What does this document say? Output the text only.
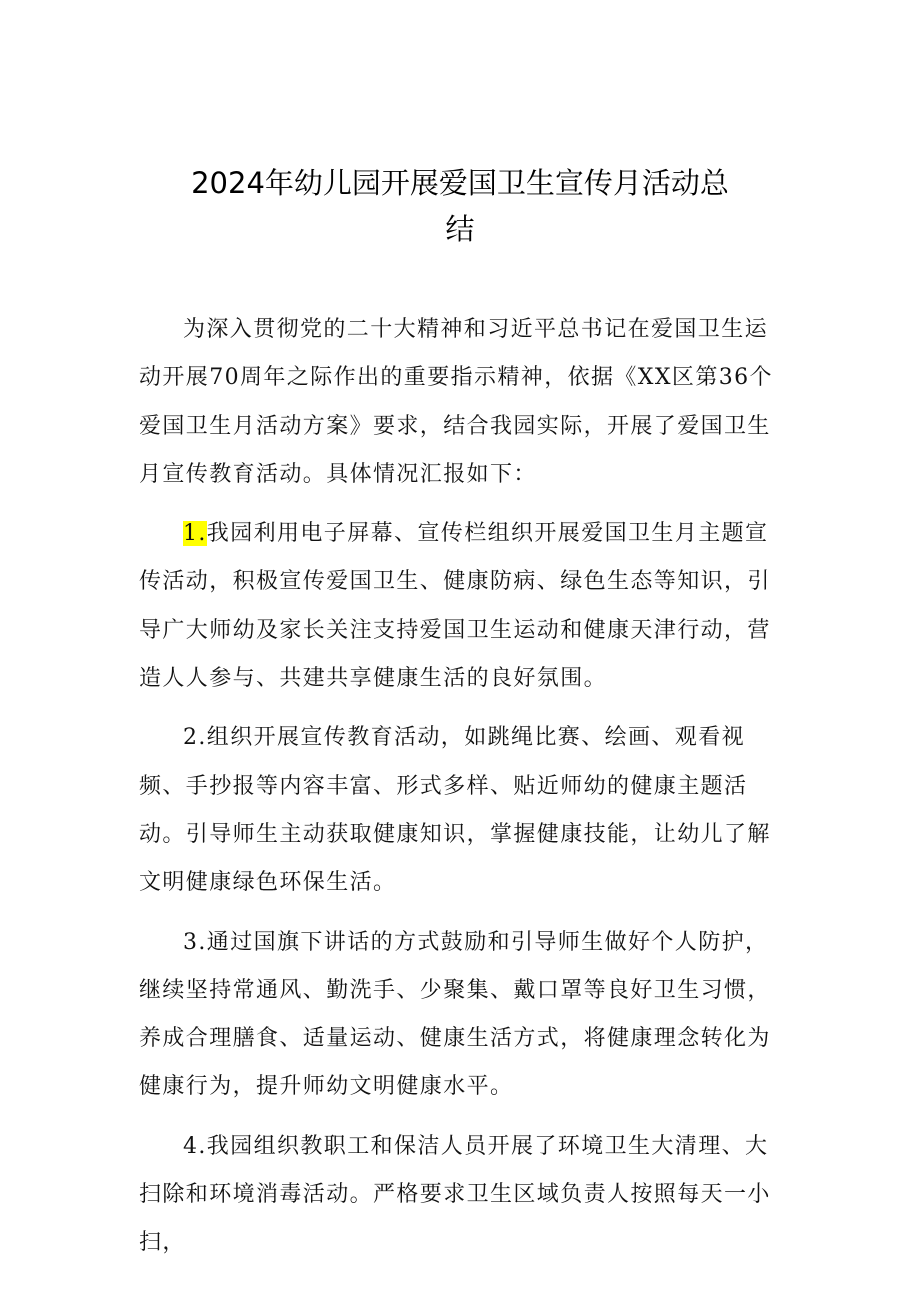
2024年幼儿园开展爱国卫生宣传月活动总
结

为深入贯彻党的二十大精神和习近平总书记在爱国卫生运动开展70周年之际作出的重要指示精神，依据《XX区第36个爱国卫生月活动方案》要求，结合我园实际，开展了爱国卫生月宣传教育活动。具体情况汇报如下：

1.我园利用电子屏幕、宣传栏组织开展爱国卫生月主题宣传活动，积极宣传爱国卫生、健康防病、绿色生态等知识，引导广大师幼及家长关注支持爱国卫生运动和健康天津行动，营造人人参与、共建共享健康生活的良好氛围。

2.组织开展宣传教育活动，如跳绳比赛、绘画、观看视频、手抄报等内容丰富、形式多样、贴近师幼的健康主题活动。引导师生主动获取健康知识，掌握健康技能，让幼儿了解文明健康绿色环保生活。

3.通过国旗下讲话的方式鼓励和引导师生做好个人防护，继续坚持常通风、勤洗手、少聚集、戴口罩等良好卫生习惯，养成合理膳食、适量运动、健康生活方式，将健康理念转化为健康行为，提升师幼文明健康水平。

4.我园组织教职工和保洁人员开展了环境卫生大清理、大扫除和环境消毒活动。严格要求卫生区域负责人按照每天一小扫，
